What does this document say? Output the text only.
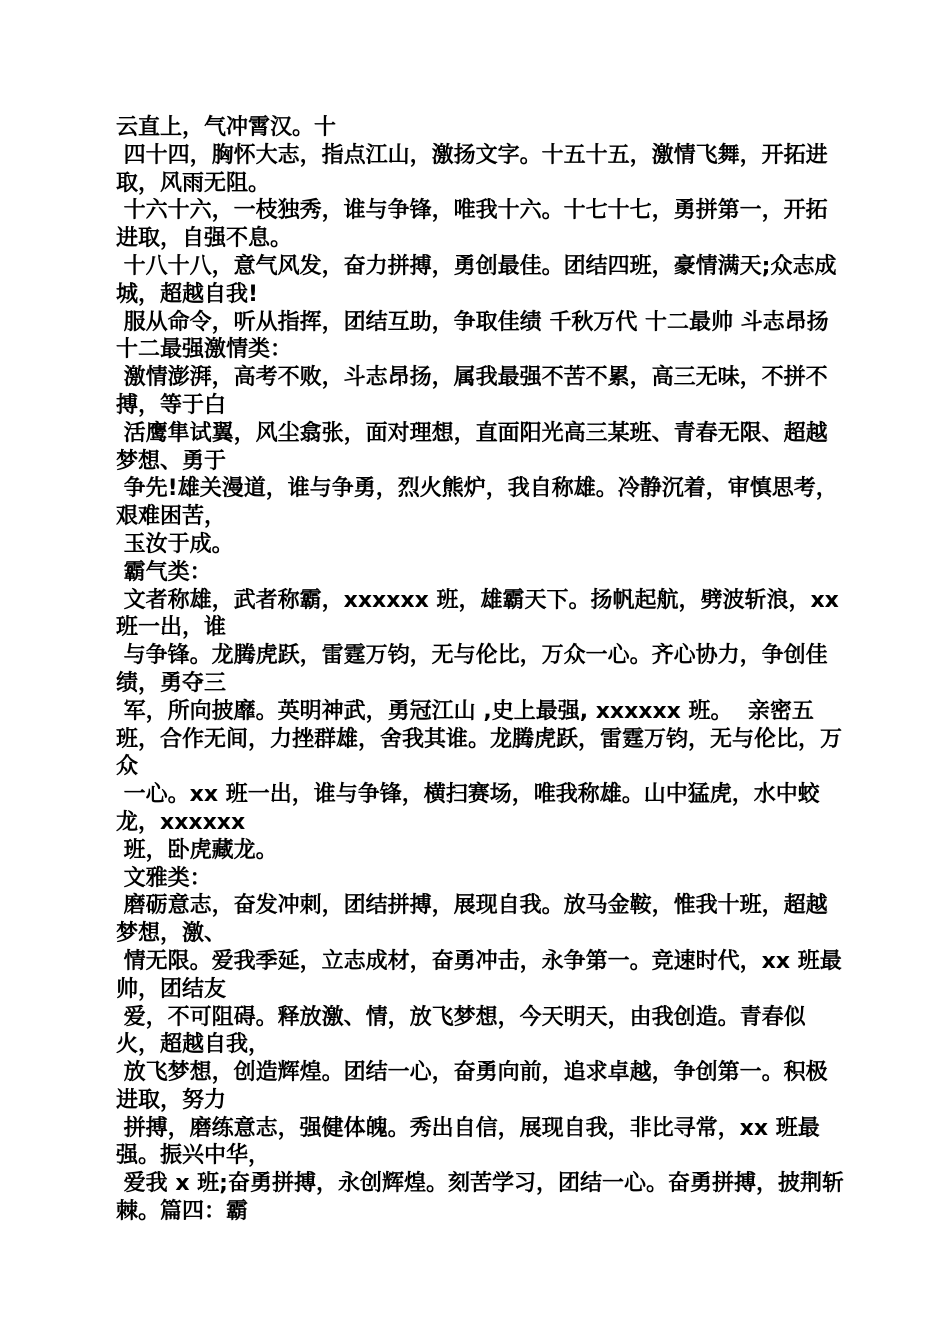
云直上，气冲霄汉。十

四十四，胸怀大志，指点江山，激扬文字。十五十五，激情飞舞，开拓进取，风雨无阻。

十六十六，一枝独秀，谁与争锋，唯我十六。十七十七，勇拼第一，开拓进取，自强不息。

十八十八，意气风发，奋力拼搏，勇创最佳。团结四班，豪情满天;众志成城，超越自我!

服从命令，听从指挥，团结互助，争取佳绩 千秋万代 十二最帅 斗志昂扬 十二最强激情类：

激情澎湃，高考不败，斗志昂扬，属我最强不苦不累，高三无味，不拼不搏，等于白

活鹰隼试翼，风尘翕张，面对理想，直面阳光高三某班、青春无限、超越梦想、勇于

争先!雄关漫道，谁与争勇，烈火熊炉，我自称雄。冷静沉着，审慎思考，艰难困苦，

玉汝于成。

霸气类：

文者称雄，武者称霸，xxxxxx 班，雄霸天下。扬帆起航，劈波斩浪，xx 班一出，谁

与争锋。龙腾虎跃，雷霆万钧，无与伦比，万众一心。齐心协力，争创佳绩，勇夺三

军，所向披靡。英明神武，勇冠江山 ,史上最强, xxxxxx 班。  亲密五班，合作无间，力挫群雄，舍我其谁。龙腾虎跃，雷霆万钧，无与伦比，万众

一心。xx 班一出，谁与争锋，横扫赛场，唯我称雄。山中猛虎，水中蛟龙，xxxxxx

班，卧虎藏龙。

文雅类：

磨砺意志，奋发冲刺，团结拼搏，展现自我。放马金鞍，惟我十班，超越梦想，激、

情无限。爱我季延，立志成材，奋勇冲击，永争第一。竞速时代，xx 班最帅，团结友

爱，不可阻碍。释放激、情，放飞梦想，今天明天，由我创造。青春似火，超越自我，

放飞梦想，创造辉煌。团结一心，奋勇向前，追求卓越，争创第一。积极进取，努力

拼搏，磨练意志，强健体魄。秀出自信，展现自我，非比寻常，xx 班最强。振兴中华，

爱我 x 班;奋勇拼搏，永创辉煌。刻苦学习，团结一心。奋勇拼搏，披荆斩棘。篇四：霸
